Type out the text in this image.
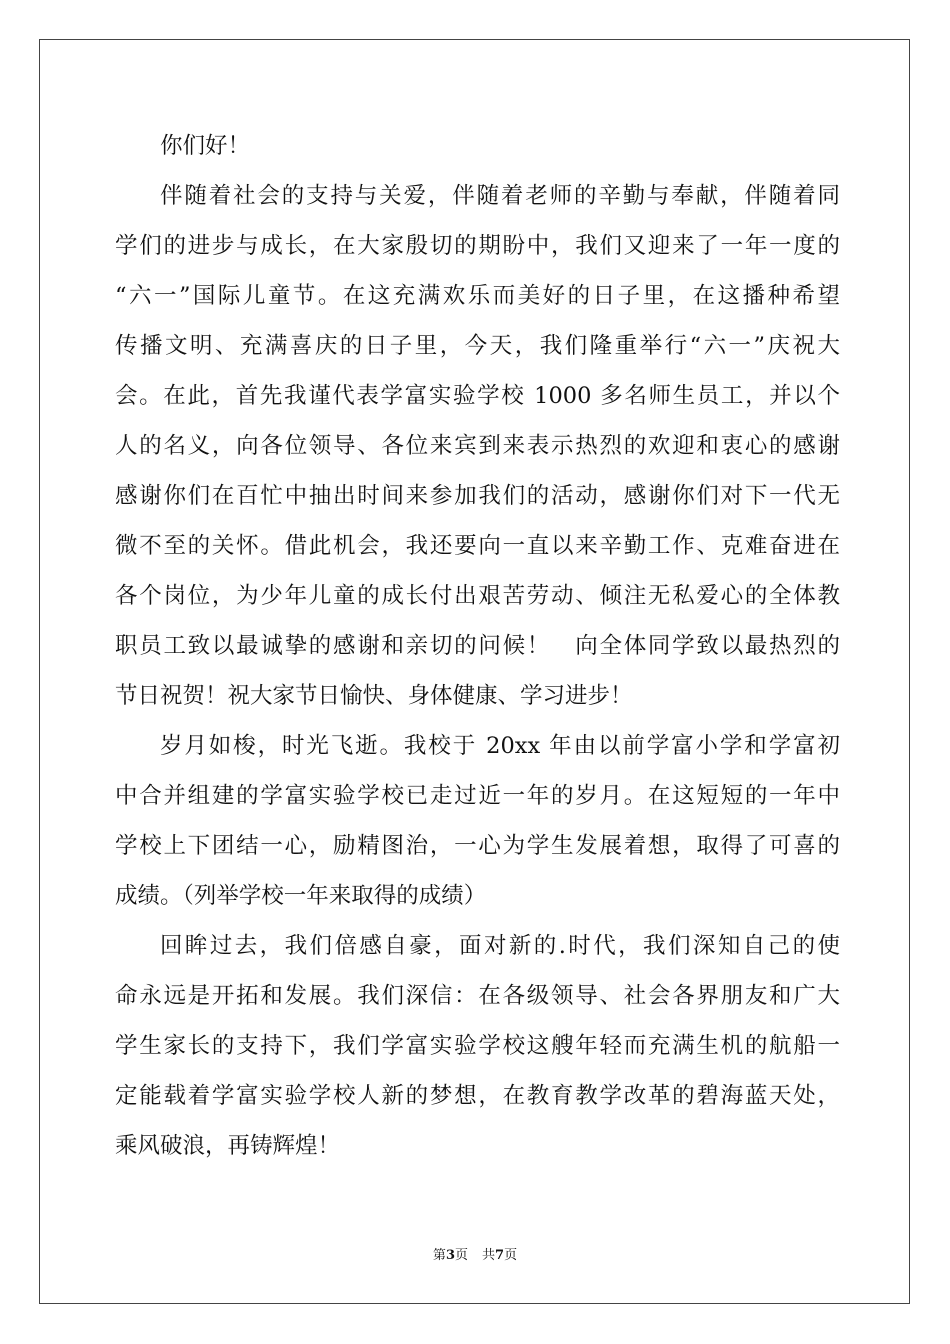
你们好！
伴随着社会的支持与关爱，伴随着老师的辛勤与奉献，伴随着同
学们的进步与成长，在大家殷切的期盼中，我们又迎来了一年一度的
“六一”国际儿童节。在这充满欢乐而美好的日子里，在这播种希望
传播文明、充满喜庆的日子里，今天，我们隆重举行“六一”庆祝大
会。在此，首先我谨代表学富实验学校 1000 多名师生员工，并以个
人的名义，向各位领导、各位来宾到来表示热烈的欢迎和衷心的感谢
感谢你们在百忙中抽出时间来参加我们的活动，感谢你们对下一代无
微不至的关怀。借此机会，我还要向一直以来辛勤工作、克难奋进在
各个岗位，为少年儿童的成长付出艰苦劳动、倾注无私爱心的全体教
职员工致以最诚挚的感谢和亲切的问候！　向全体同学致以最热烈的
节日祝贺！祝大家节日愉快、身体健康、学习进步！
岁月如梭，时光飞逝。我校于 20xx 年由以前学富小学和学富初
中合并组建的学富实验学校已走过近一年的岁月。在这短短的一年中
学校上下团结一心，励精图治，一心为学生发展着想，取得了可喜的
成绩。（列举学校一年来取得的成绩）
回眸过去，我们倍感自豪，面对新的.时代，我们深知自己的使
命永远是开拓和发展。我们深信：在各级领导、社会各界朋友和广大
学生家长的支持下，我们学富实验学校这艘年轻而充满生机的航船一
定能载着学富实验学校人新的梦想，在教育教学改革的碧海蓝天处，
乘风破浪，再铸辉煌！
第3页 共7页
